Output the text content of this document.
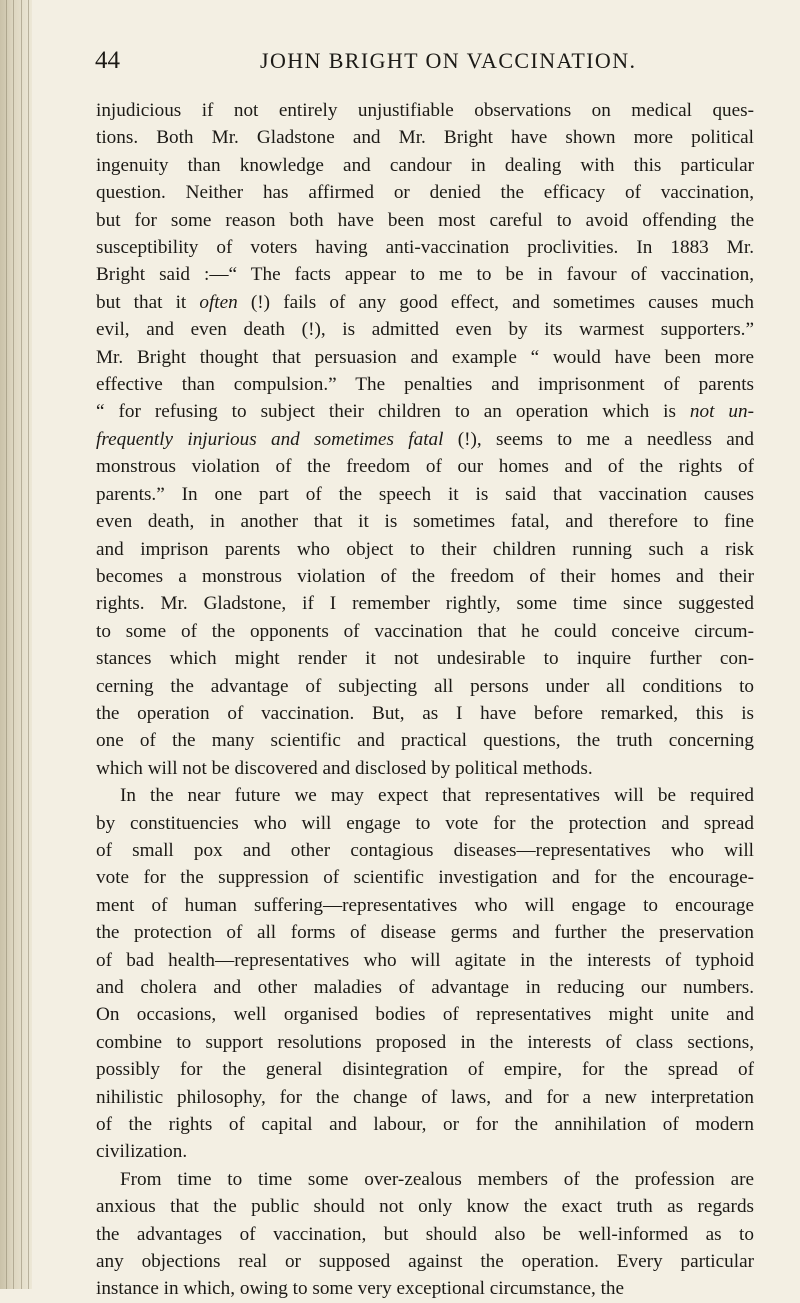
44	JOHN BRIGHT ON VACCINATION.
injudicious if not entirely unjustifiable observations on medical ques-
tions. Both Mr. Gladstone and Mr. Bright have shown more political
ingenuity than knowledge and candour in dealing with this particular
question. Neither has affirmed or denied the efficacy of vaccination,
but for some reason both have been most careful to avoid offending the
susceptibility of voters having anti-vaccination proclivities. In 1883 Mr.
Bright said :—“ The facts appear to me to be in favour of vaccination,
but that it often (!) fails of any good effect, and sometimes causes much
evil, and even death (!), is admitted even by its warmest supporters.”
Mr. Bright thought that persuasion and example “ would have been more
effective than compulsion.” The penalties and imprisonment of parents
“ for refusing to subject their children to an operation which is not un-
frequently injurious and sometimes fatal (!), seems to me a needless and
monstrous violation of the freedom of our homes and of the rights of
parents.” In one part of the speech it is said that vaccination causes
even death, in another that it is sometimes fatal, and therefore to fine
and imprison parents who object to their children running such a risk
becomes a monstrous violation of the freedom of their homes and their
rights. Mr. Gladstone, if I remember rightly, some time since suggested
to some of the opponents of vaccination that he could conceive circum-
stances which might render it not undesirable to inquire further con-
cerning the advantage of subjecting all persons under all conditions to
the operation of vaccination. But, as I have before remarked, this is
one of the many scientific and practical questions, the truth concerning
which will not be discovered and disclosed by political methods.
In the near future we may expect that representatives will be required
by constituencies who will engage to vote for the protection and spread
of small pox and other contagious diseases—representatives who will
vote for the suppression of scientific investigation and for the encourage-
ment of human suffering—representatives who will engage to encourage
the protection of all forms of disease germs and further the preservation
of bad health—representatives who will agitate in the interests of typhoid
and cholera and other maladies of advantage in reducing our numbers.
On occasions, well organised bodies of representatives might unite and
combine to support resolutions proposed in the interests of class sections,
possibly for the general disintegration of empire, for the spread of
nihilistic philosophy, for the change of laws, and for a new interpretation
of the rights of capital and labour, or for the annihilation of modern
civilization.
From time to time some over-zealous members of the profession are
anxious that the public should not only know the exact truth as regards
the advantages of vaccination, but should also be well-informed as to
any objections real or supposed against the operation. Every particular
instance in which, owing to some very exceptional circumstance, the
